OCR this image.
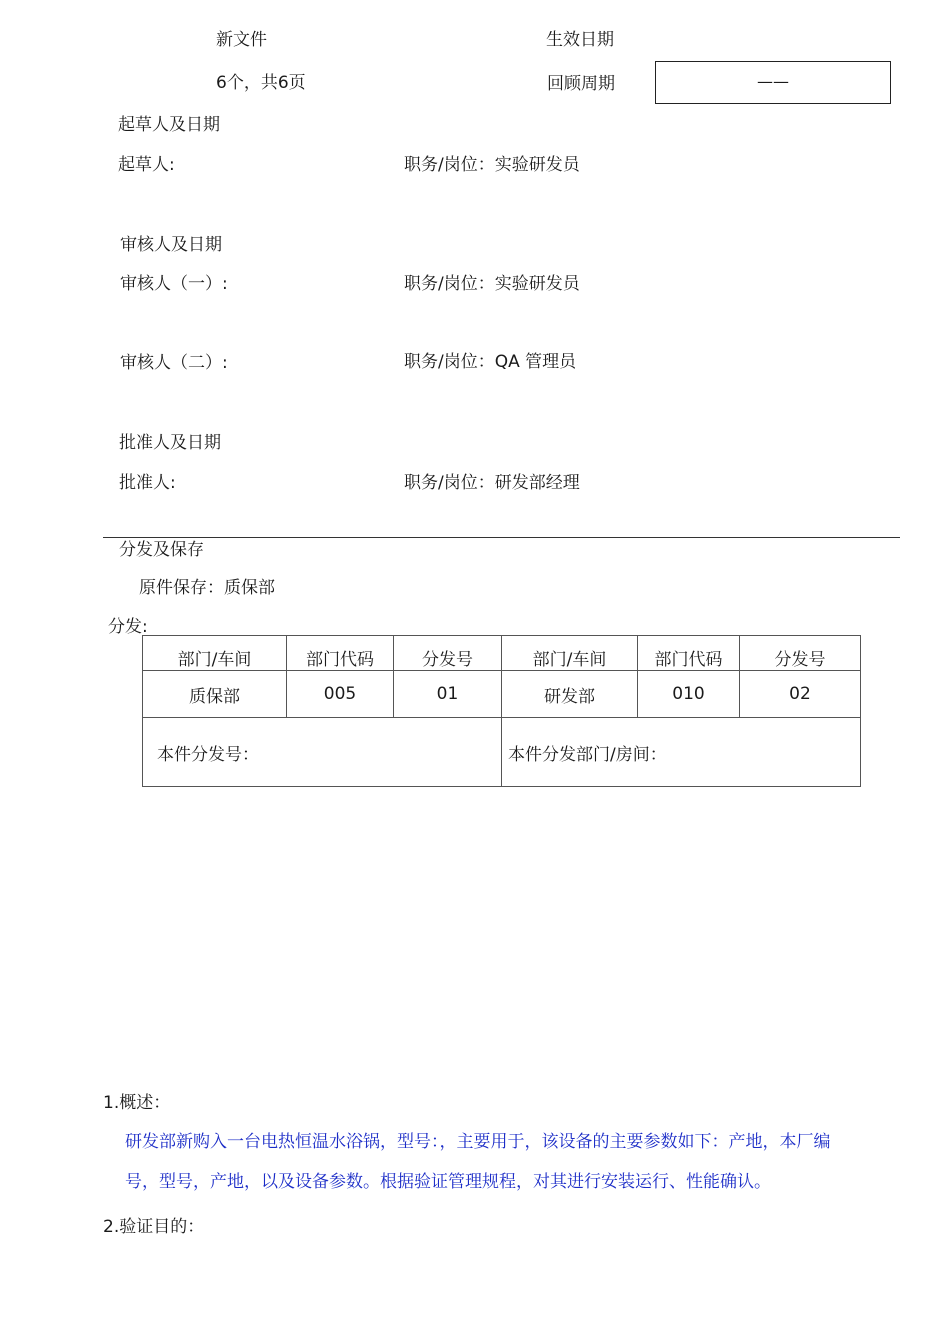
新文件	生效日期
6个，共6页	回顾周期	——
起草人及日期
起草人:	职务/岗位：实验研发员
审核人及日期
审核人（一）:	职务/岗位：实验研发员
审核人（二）:	职务/岗位：QA 管理员
批准人及日期
批准人:	职务/岗位：研发部经理
分发及保存
原件保存：质保部
分发:
部门/车间	部门代码	分发号	部门/车间	部门代码	分发号
质保部	005	01	研发部	010	02
本件分发号：			本件分发部门/房间：		
1.概述：
研发部新购入一台电热恒温水浴锅，型号：，主要用于，该设备的主要参数如下：产地，本厂编
号，型号，产地，以及设备参数。根据验证管理规程，对其进行安装运行、性能确认。
2.验证目的：
